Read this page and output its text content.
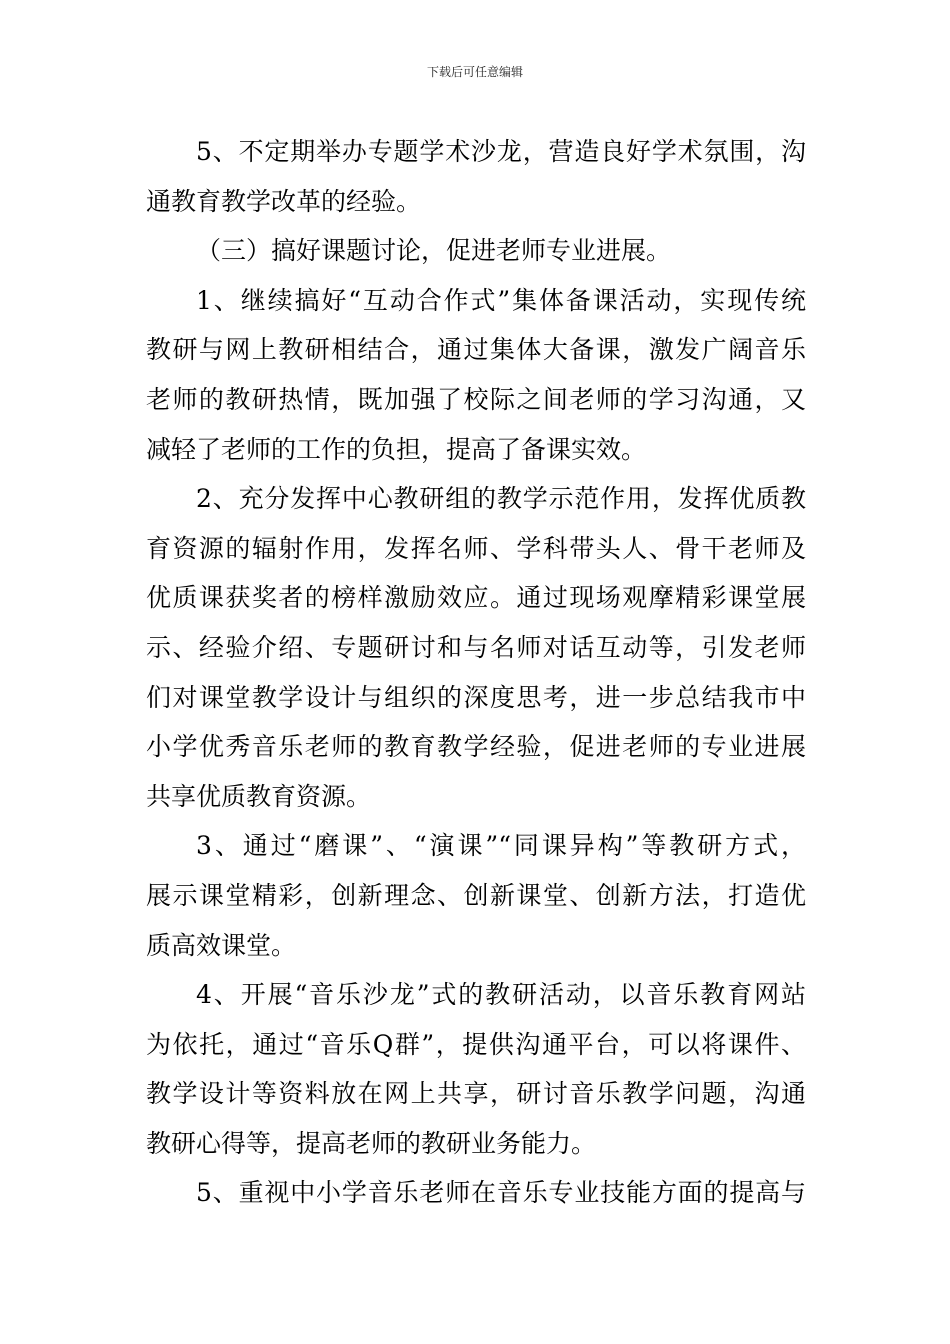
下载后可任意编辑
5、不定期举办专题学术沙龙，营造良好学术氛围，沟
通教育教学改革的经验。
（三）搞好课题讨论，促进老师专业进展。
1、继续搞好“互动合作式”集体备课活动，实现传统
教研与网上教研相结合，通过集体大备课，激发广阔音乐
老师的教研热情，既加强了校际之间老师的学习沟通，又
减轻了老师的工作的负担，提高了备课实效。
2、充分发挥中心教研组的教学示范作用，发挥优质教
育资源的辐射作用，发挥名师、学科带头人、骨干老师及
优质课获奖者的榜样激励效应。通过现场观摩精彩课堂展
示、经验介绍、专题研讨和与名师对话互动等，引发老师
们对课堂教学设计与组织的深度思考，进一步总结我市中
小学优秀音乐老师的教育教学经验，促进老师的专业进展
共享优质教育资源。
3、通过“磨课”、“演课”“同课异构”等教研方式，
展示课堂精彩，创新理念、创新课堂、创新方法，打造优
质高效课堂。
4、开展“音乐沙龙”式的教研活动，以音乐教育网站
为依托，通过“音乐Q群”，提供沟通平台，可以将课件、
教学设计等资料放在网上共享，研讨音乐教学问题，沟通
教研心得等，提高老师的教研业务能力。
5、重视中小学音乐老师在音乐专业技能方面的提高与
